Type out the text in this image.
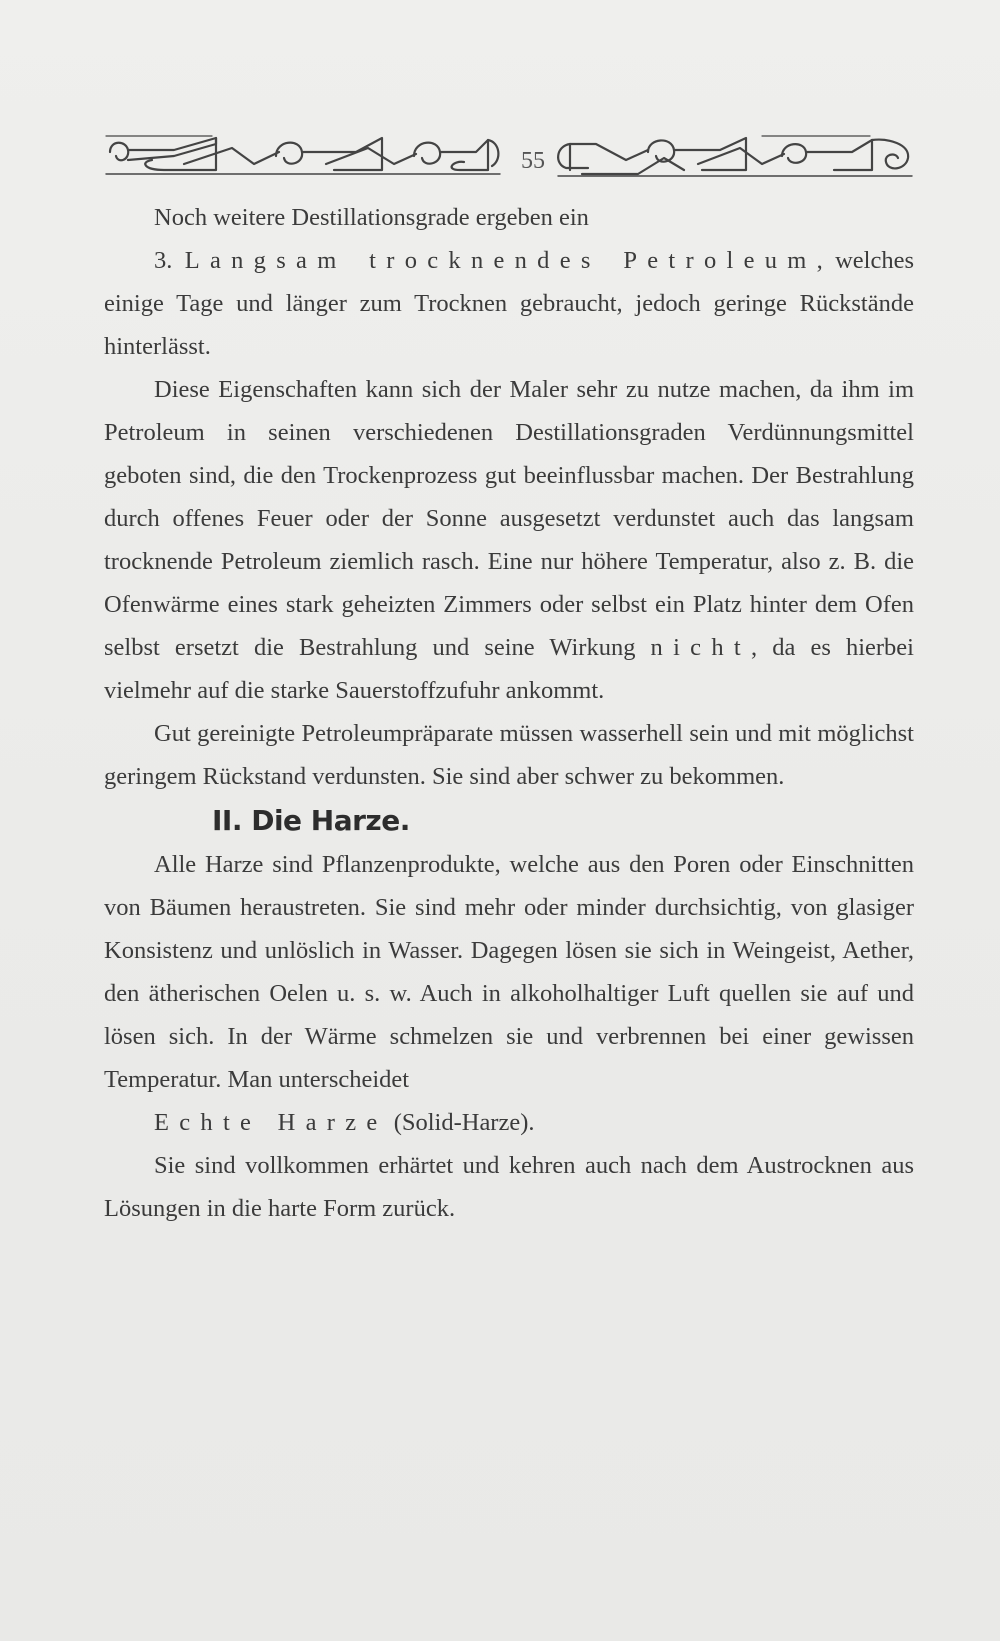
55

Noch weitere Destillationsgrade ergeben ein

3. Langsam trocknendes Petroleum, welches einige Tage und länger zum Trocknen gebraucht, jedoch geringe Rückstände hinterlässt.

Diese Eigenschaften kann sich der Maler sehr zu nutze machen, da ihm im Petroleum in seinen verschiedenen Destillationsgraden Verdünnungsmittel geboten sind, die den Trockenprozess gut beeinflussbar machen. Der Bestrahlung durch offenes Feuer oder der Sonne ausgesetzt verdunstet auch das langsam trocknende Petroleum ziemlich rasch. Eine nur höhere Temperatur, also z. B. die Ofenwärme eines stark geheizten Zimmers oder selbst ein Platz hinter dem Ofen selbst ersetzt die Bestrahlung und seine Wirkung nicht, da es hierbei vielmehr auf die starke Sauerstoffzufuhr ankommt.

Gut gereinigte Petroleumpräparate müssen wasserhell sein und mit möglichst geringem Rückstand verdunsten. Sie sind aber schwer zu bekommen.

II. Die Harze.

Alle Harze sind Pflanzenprodukte, welche aus den Poren oder Einschnitten von Bäumen heraustreten. Sie sind mehr oder minder durchsichtig, von glasiger Konsistenz und unlöslich in Wasser. Dagegen lösen sie sich in Weingeist, Aether, den ätherischen Oelen u. s. w. Auch in alkoholhaltiger Luft quellen sie auf und lösen sich. In der Wärme schmelzen sie und verbrennen bei einer gewissen Temperatur. Man unterscheidet

Echte Harze (Solid-Harze).

Sie sind vollkommen erhärtet und kehren auch nach dem Austrocknen aus Lösungen in die harte Form zurück.
